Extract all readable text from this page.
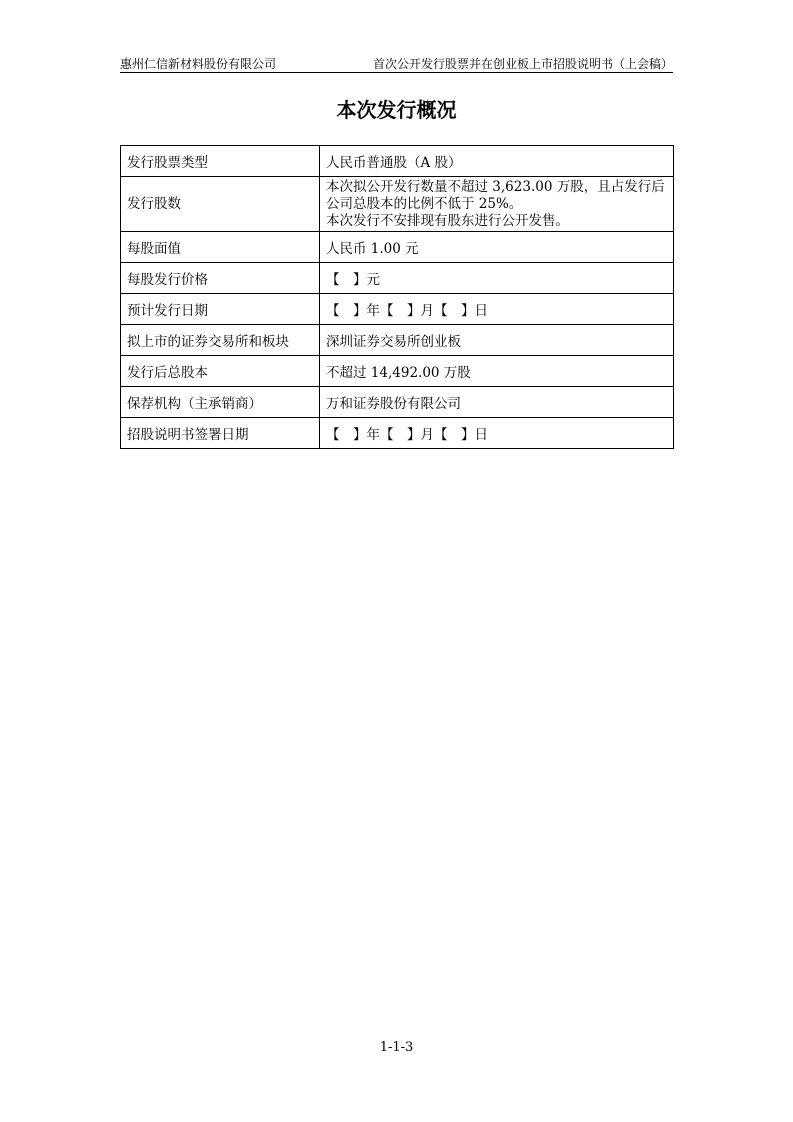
惠州仁信新材料股份有限公司	首次公开发行股票并在创业板上市招股说明书（上会稿）
本次发行概况
发行股票类型	人民币普通股（A 股）

发行股数	本次拟公开发行数量不超过 3,623.00 万股，且占发行后
公司总股本的比例不低于 25%。
本次发行不安排现有股东进行公开发售。

每股面值	人民币 1.00 元

每股发行价格	【　】元

预计发行日期	【　】年【　】月【　】日

拟上市的证券交易所和板块	深圳证券交易所创业板

发行后总股本	不超过 14,492.00 万股

保荐机构（主承销商）	万和证券股份有限公司

招股说明书签署日期	【　】年【　】月【　】日
1-1-3
